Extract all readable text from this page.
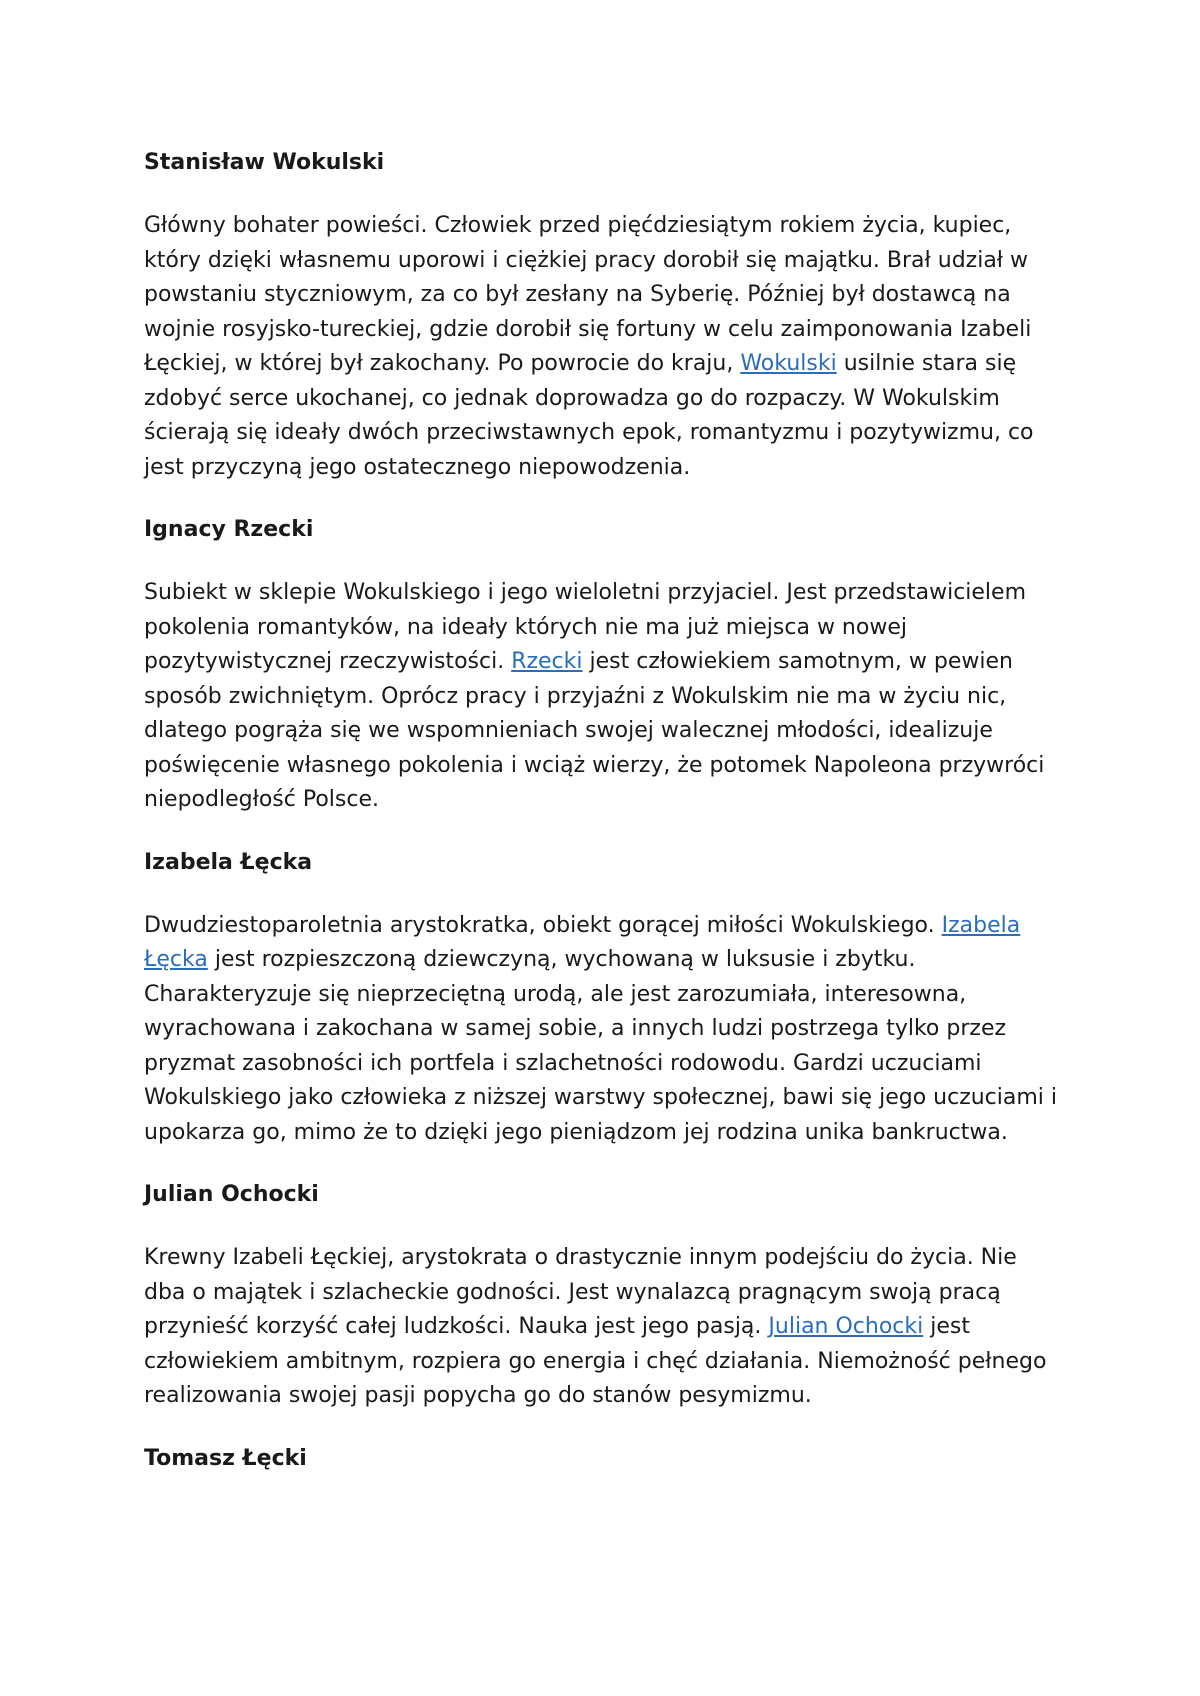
Stanisław Wokulski

Główny bohater powieści. Człowiek przed pięćdziesiątym rokiem życia, kupiec, który dzięki własnemu uporowi i ciężkiej pracy dorobił się majątku. Brał udział w powstaniu styczniowym, za co był zesłany na Syberię. Później był dostawcą na wojnie rosyjsko-tureckiej, gdzie dorobił się fortuny w celu zaimponowania Izabeli Łęckiej, w której był zakochany. Po powrocie do kraju, Wokulski usilnie stara się zdobyć serce ukochanej, co jednak doprowadza go do rozpaczy. W Wokulskim ścierają się ideały dwóch przeciwstawnych epok, romantyzmu i pozytywizmu, co jest przyczyną jego ostatecznego niepowodzenia.

Ignacy Rzecki

Subiekt w sklepie Wokulskiego i jego wieloletni przyjaciel. Jest przedstawicielem pokolenia romantyków, na ideały których nie ma już miejsca w nowej pozytywistycznej rzeczywistości. Rzecki jest człowiekiem samotnym, w pewien sposób zwichniętym. Oprócz pracy i przyjaźni z Wokulskim nie ma w życiu nic, dlatego pogrąża się we wspomnieniach swojej walecznej młodości, idealizuje poświęcenie własnego pokolenia i wciąż wierzy, że potomek Napoleona przywróci niepodległość Polsce.

Izabela Łęcka

Dwudziestoparoletnia arystokratka, obiekt gorącej miłości Wokulskiego. Izabela Łęcka jest rozpieszczoną dziewczyną, wychowaną w luksusie i zbytku. Charakteryzuje się nieprzeciętną urodą, ale jest zarozumiała, interesowna, wyrachowana i zakochana w samej sobie, a innych ludzi postrzega tylko przez pryzmat zasobności ich portfela i szlachetności rodowodu. Gardzi uczuciami Wokulskiego jako człowieka z niższej warstwy społecznej, bawi się jego uczuciami i upokarza go, mimo że to dzięki jego pieniądzom jej rodzina unika bankructwa.

Julian Ochocki

Krewny Izabeli Łęckiej, arystokrata o drastycznie innym podejściu do życia. Nie dba o majątek i szlacheckie godności. Jest wynalazcą pragnącym swoją pracą przynieść korzyść całej ludzkości. Nauka jest jego pasją. Julian Ochocki jest człowiekiem ambitnym, rozpiera go energia i chęć działania. Niemożność pełnego realizowania swojej pasji popycha go do stanów pesymizmu.

Tomasz Łęcki
